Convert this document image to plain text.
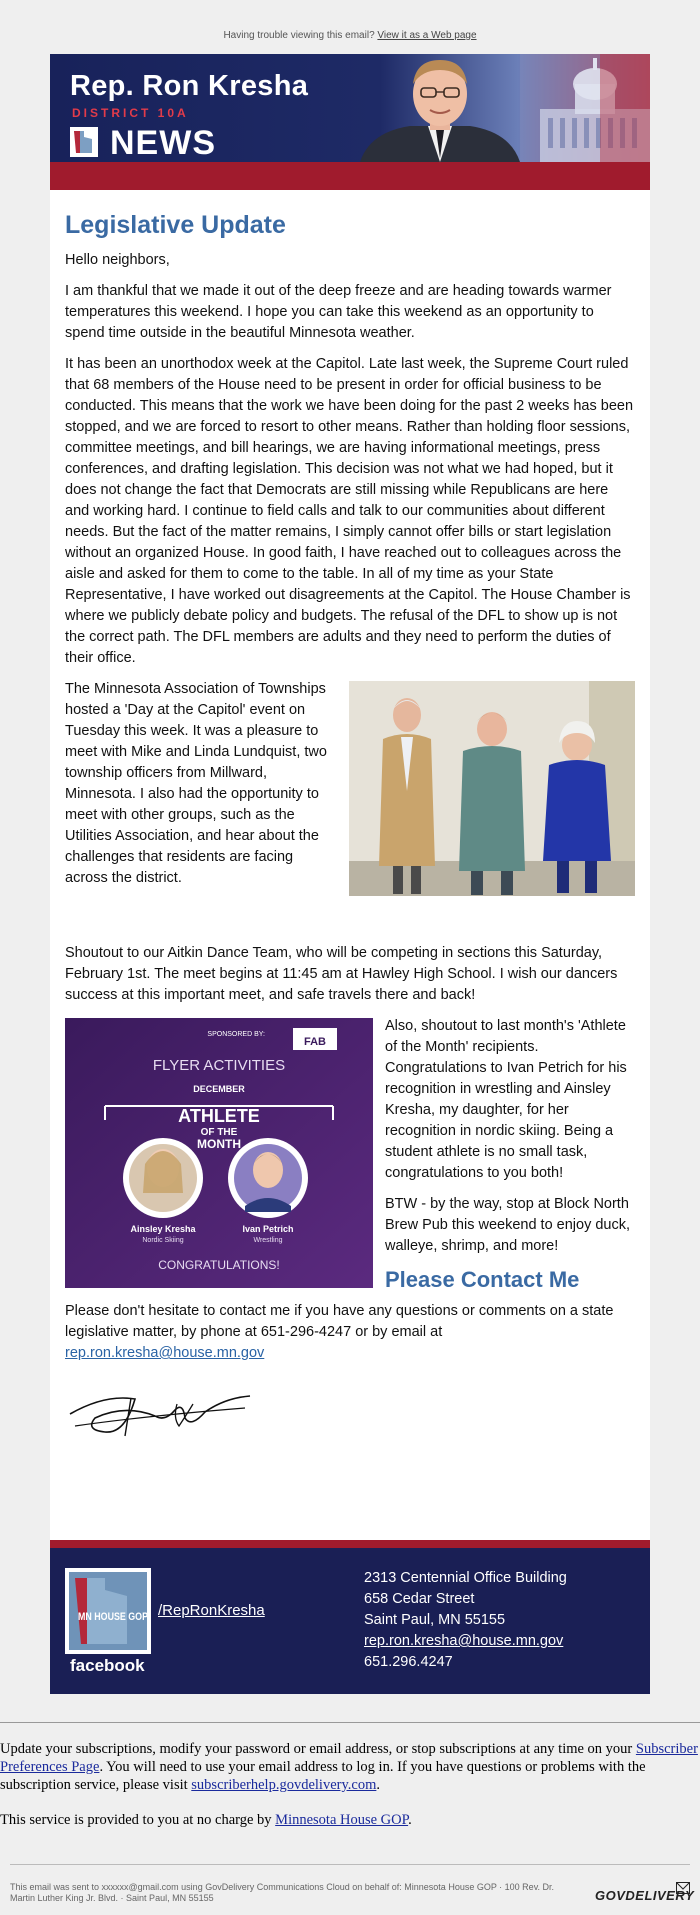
Having trouble viewing this email? View it as a Web page
Rep. Ron Kresha
DISTRICT 10A
NEWS
Legislative Update

Hello neighbors,

I am thankful that we made it out of the deep freeze and are heading towards warmer temperatures this weekend. I hope you can take this weekend as an opportunity to spend time outside in the beautiful Minnesota weather.

It has been an unorthodox week at the Capitol. Late last week, the Supreme Court ruled that 68 members of the House need to be present in order for official business to be conducted. This means that the work we have been doing for the past 2 weeks has been stopped, and we are forced to resort to other means. Rather than holding floor sessions, committee meetings, and bill hearings, we are having informational meetings, press conferences, and drafting legislation. This decision was not what we had hoped, but it does not change the fact that Democrats are still missing while Republicans are here and working hard. I continue to field calls and talk to our communities about different needs. But the fact of the matter remains, I simply cannot offer bills or start legislation without an organized House. In good faith, I have reached out to colleagues across the aisle and asked for them to come to the table. In all of my time as your State Representative, I have worked out disagreements at the Capitol. The House Chamber is where we publicly debate policy and budgets. The refusal of the DFL to show up is not the correct path. The DFL members are adults and they need to perform the duties of their office.

The Minnesota Association of Townships hosted a 'Day at the Capitol' event on Tuesday this week. It was a pleasure to meet with Mike and Linda Lundquist, two township officers from Millward, Minnesota. I also had the opportunity to meet with other groups, such as the Utilities Association, and hear about the challenges that residents are facing across the district.

Shoutout to our Aitkin Dance Team, who will be competing in sections this Saturday, February 1st. The meet begins at 11:45 am at Hawley High School. I wish our dancers success at this important meet, and safe travels there and back!

SPONSORED BY:
FAB
FLYER ACTIVITIES
DECEMBER
ATHLETE
OF THE
MONTH
Ainsley Kresha
Nordic Skiing
Ivan Petrich
Wrestling
CONGRATULATIONS!

Also, shoutout to last month's 'Athlete of the Month' recipients. Congratulations to Ivan Petrich for his recognition in wrestling and Ainsley Kresha, my daughter, for her recognition in nordic skiing. Being a student athlete is no small task, congratulations to you both!

BTW - by the way, stop at Block North Brew Pub this weekend to enjoy duck, walleye, shrimp, and more!

Please Contact Me

Please don't hesitate to contact me if you have any questions or comments on a state legislative matter, by phone at 651-296-4247 or by email at rep.ron.kresha@house.mn.gov

MN HOUSE GOP
facebook
/RepRonKresha
2313 Centennial Office Building
658 Cedar Street
Saint Paul, MN 55155
rep.ron.kresha@house.mn.gov
651.296.4247
Update your subscriptions, modify your password or email address, or stop subscriptions at any time on your Subscriber Preferences Page. You will need to use your email address to log in. If you have questions or problems with the subscription service, please visit subscriberhelp.govdelivery.com.
This service is provided to you at no charge by Minnesota House GOP.
This email was sent to xxxxxx@gmail.com using GovDelivery Communications Cloud on behalf of: Minnesota House GOP · 100 Rev. Dr. Martin Luther King Jr. Blvd. · Saint Paul, MN 55155	GOVDELIVERY
